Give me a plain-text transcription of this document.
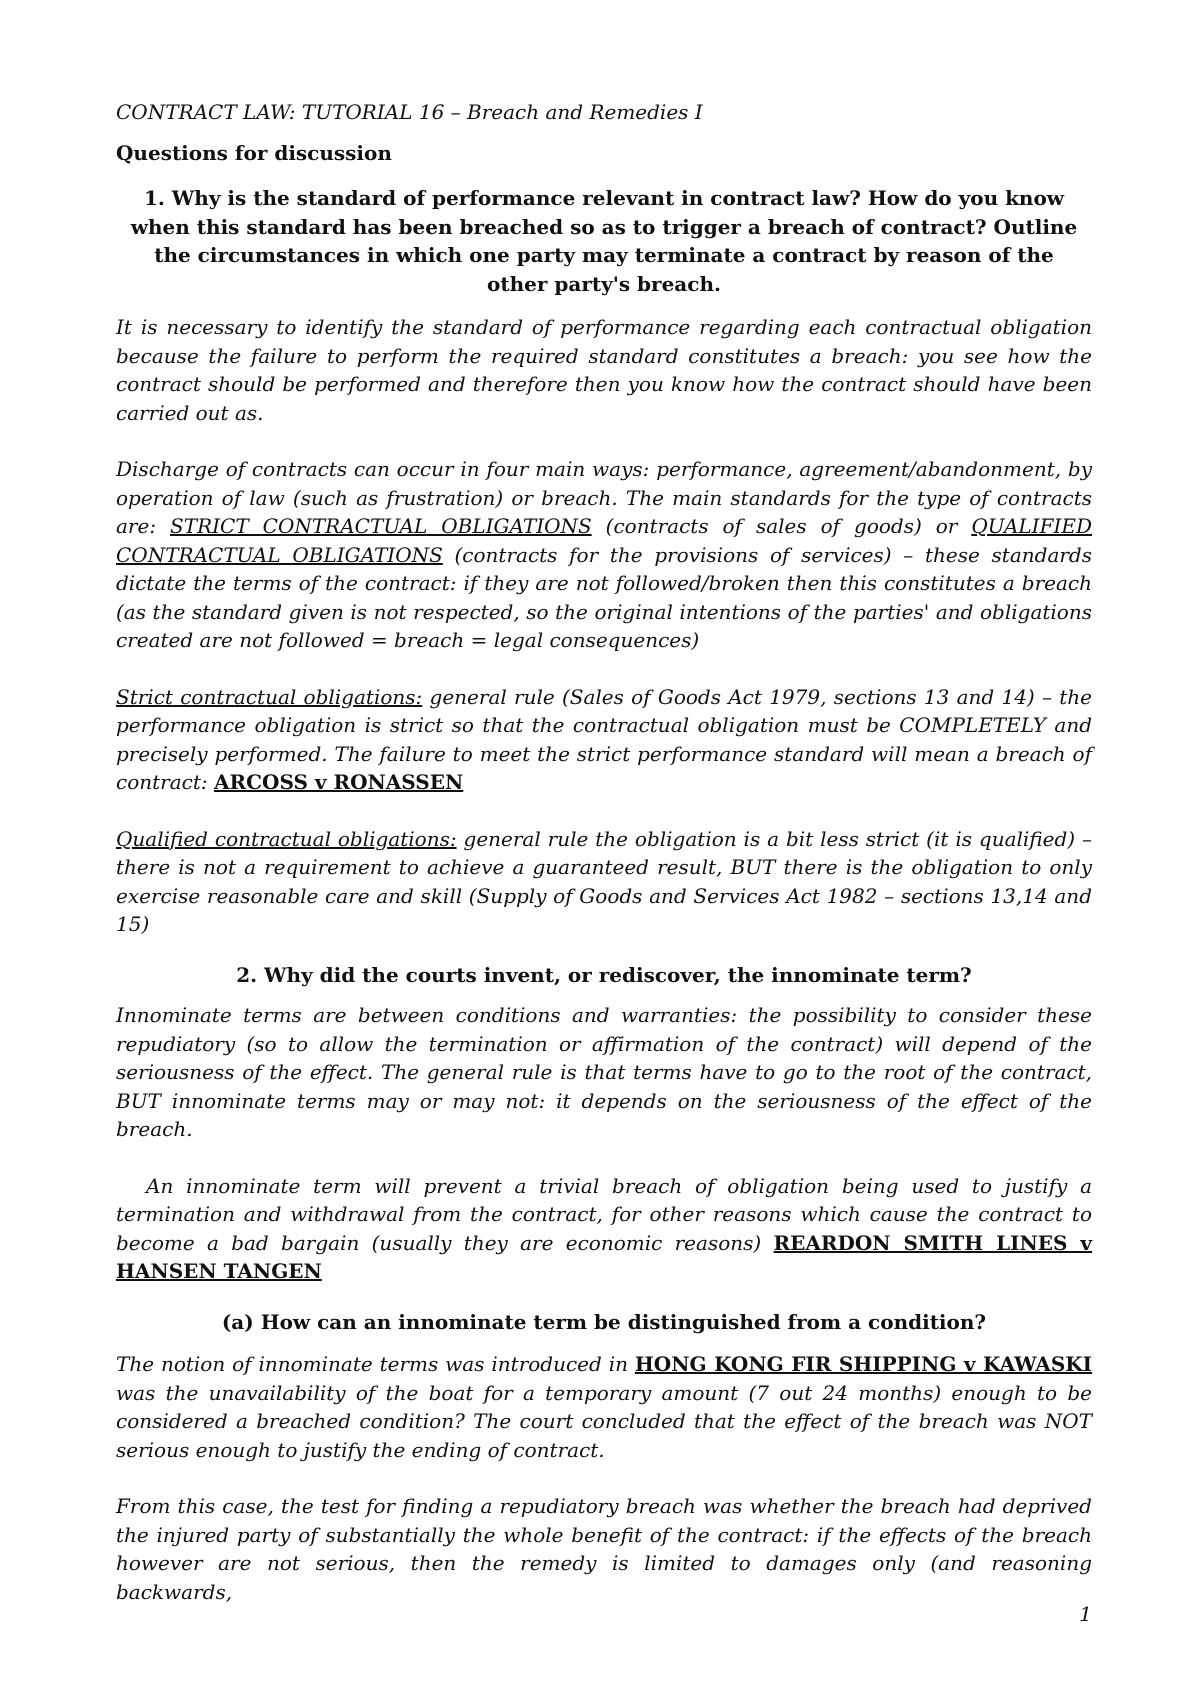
CONTRACT LAW: TUTORIAL 16 – Breach and Remedies I

Questions for discussion

1. Why is the standard of performance relevant in contract law? How do you know when this standard has been breached so as to trigger a breach of contract? Outline the circumstances in which one party may terminate a contract by reason of the other party's breach.

It is necessary to identify the standard of performance regarding each contractual obligation because the failure to perform the required standard constitutes a breach: you see how the contract should be performed and therefore then you know how the contract should have been carried out as.

Discharge of contracts can occur in four main ways: performance, agreement/abandonment, by operation of law (such as frustration) or breach. The main standards for the type of contracts are: STRICT CONTRACTUAL OBLIGATIONS (contracts of sales of goods) or QUALIFIED CONTRACTUAL OBLIGATIONS (contracts for the provisions of services) – these standards dictate the terms of the contract: if they are not followed/broken then this constitutes a breach (as the standard given is not respected, so the original intentions of the parties' and obligations created are not followed = breach = legal consequences)

Strict contractual obligations: general rule (Sales of Goods Act 1979, sections 13 and 14) – the performance obligation is strict so that the contractual obligation must be COMPLETELY and precisely performed. The failure to meet the strict performance standard will mean a breach of contract: ARCOSS v RONASSEN

Qualified contractual obligations: general rule the obligation is a bit less strict (it is qualified) – there is not a requirement to achieve a guaranteed result, BUT there is the obligation to only exercise reasonable care and skill (Supply of Goods and Services Act 1982 – sections 13,14 and 15)

2. Why did the courts invent, or rediscover, the innominate term?

Innominate terms are between conditions and warranties: the possibility to consider these repudiatory (so to allow the termination or affirmation of the contract) will depend of the seriousness of the effect. The general rule is that terms have to go to the root of the contract, BUT innominate terms may or may not: it depends on the seriousness of the effect of the breach.

An innominate term will prevent a trivial breach of obligation being used to justify a termination and withdrawal from the contract, for other reasons which cause the contract to become a bad bargain (usually they are economic reasons) REARDON SMITH LINES v HANSEN TANGEN

(a) How can an innominate term be distinguished from a condition?

The notion of innominate terms was introduced in HONG KONG FIR SHIPPING v KAWASKI was the unavailability of the boat for a temporary amount (7 out 24 months) enough to be considered a breached condition? The court concluded that the effect of the breach was NOT serious enough to justify the ending of contract.

From this case, the test for finding a repudiatory breach was whether the breach had deprived the injured party of substantially the whole benefit of the contract: if the effects of the breach however are not serious, then the remedy is limited to damages only (and reasoning backwards,

1
